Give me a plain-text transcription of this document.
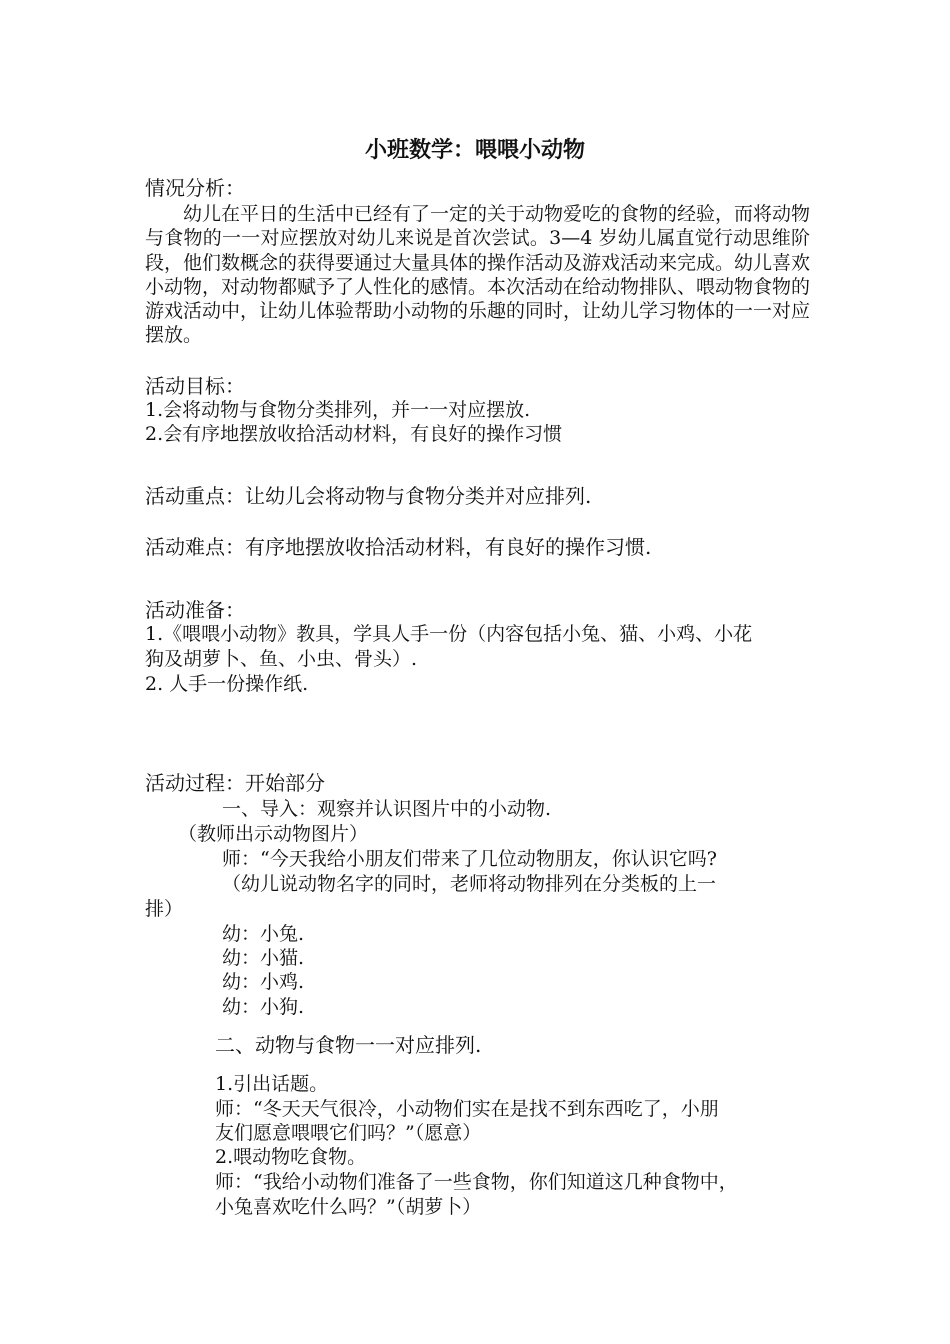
小班数学：喂喂小动物

情况分析：

幼儿在平日的生活中已经有了一定的关于动物爱吃的食物的经验，而将动物与食物的一一对应摆放对幼儿来说是首次尝试。3—4 岁幼儿属直觉行动思维阶段，他们数概念的获得要通过大量具体的操作活动及游戏活动来完成。幼儿喜欢小动物，对动物都赋予了人性化的感情。本次活动在给动物排队、喂动物食物的游戏活动中，让幼儿体验帮助小动物的乐趣的同时，让幼儿学习物体的一一对应摆放。

活动目标：

1.会将动物与食物分类排列，并一一对应摆放.

2.会有序地摆放收拾活动材料，有良好的操作习惯

活动重点：让幼儿会将动物与食物分类并对应排列.

活动难点：有序地摆放收拾活动材料，有良好的操作习惯.

活动准备：

1.《喂喂小动物》教具，学具人手一份（内容包括小兔、猫、小鸡、小花

狗及胡萝卜、鱼、小虫、骨头）.

2. 人手一份操作纸.

活动过程：开始部分

一、导入：观察并认识图片中的小动物.

（教师出示动物图片）

师：“今天我给小朋友们带来了几位动物朋友，你认识它吗?

（幼儿说动物名字的同时，老师将动物排列在分类板的上一

排）

幼：小兔.

幼：小猫.

幼：小鸡.

幼：小狗.

二、动物与食物一一对应排列.

1.引出话题。

师：“冬天天气很冷，小动物们实在是找不到东西吃了，小朋

友们愿意喂喂它们吗？”（愿意）

2.喂动物吃食物。

师：“我给小动物们准备了一些食物，你们知道这几种食物中，

小兔喜欢吃什么吗？”（胡萝卜）
